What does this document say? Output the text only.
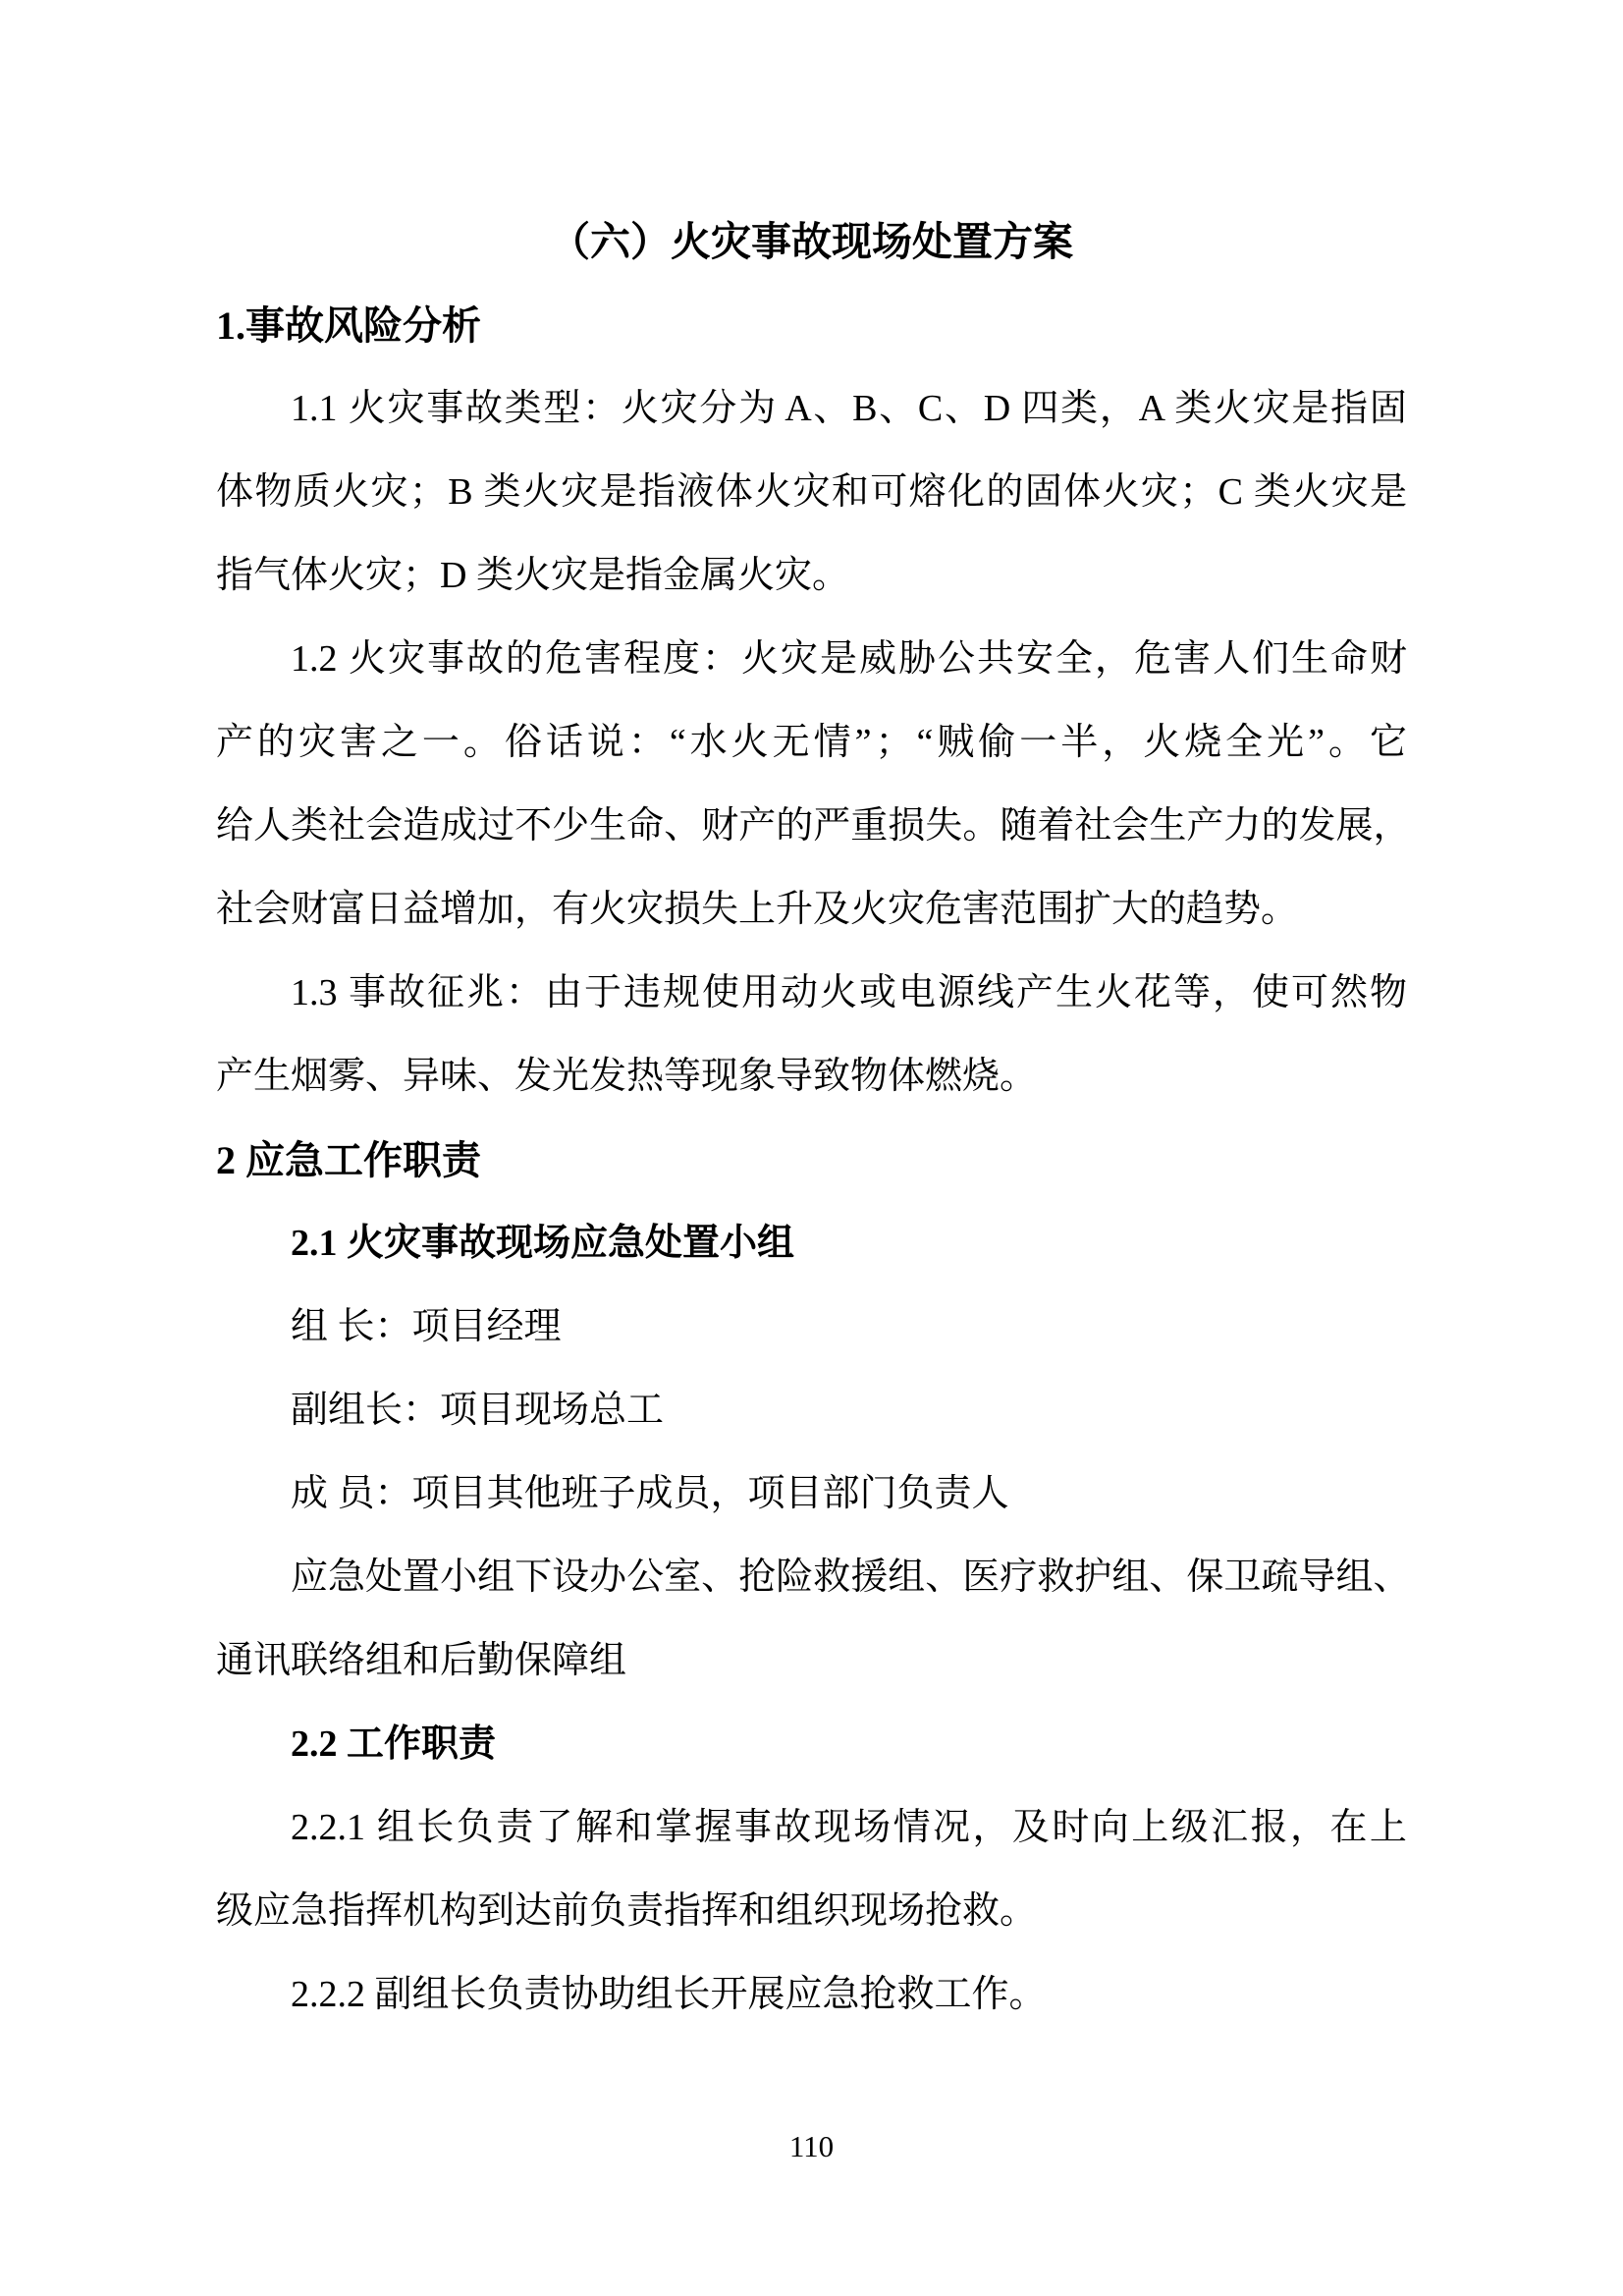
（六）火灾事故现场处置方案
1.事故风险分析
1.1 火 灾 事 故 类 型 ： 火 灾 分 为 A 、 B 、 C 、 D 四 类 ， A 类 火 灾 是 指 固
体 物 质 火 灾 ； B 类 火 灾 是 指 液 体 火 灾 和 可 熔 化 的 固 体 火 灾 ； C 类 火 灾 是
指气体火灾；D 类火灾是指金属火灾。
1.2 火 灾 事 故 的 危 害 程 度 ： 火 灾 是 威 胁 公 共 安 全 ， 危 害 人 们 生 命 财
产 的 灾 害 之 一 。 俗 话 说 ： “ 水 火 无 情 ” ； “ 贼 偷 一 半 ， 火 烧 全 光 ” 。 它
给 人 类 社 会 造 成 过 不 少 生 命 、 财 产 的 严 重 损 失 。 随 着 社 会 生 产 力 的 发 展 ，
社会财富日益增加，有火灾损失上升及火灾危害范围扩大的趋势。
1.3 事 故 征 兆 ： 由 于 违 规 使 用 动 火 或 电 源 线 产 生 火 花 等 ， 使 可 然 物
产生烟雾、异味、发光发热等现象导致物体燃烧。
2 应急工作职责
2.1 火灾事故现场应急处置小组
组 长：项目经理
副组长：项目现场总工
成 员：项目其他班子成员，项目部门负责人
应 急 处 置 小 组 下 设 办 公 室 、 抢 险 救 援 组 、 医 疗 救 护 组 、 保 卫 疏 导 组 、
通讯联络组和后勤保障组
2.2 工作职责
2.2.1 组 长 负 责 了 解 和 掌 握 事 故 现 场 情 况 ， 及 时 向 上 级 汇 报 ， 在 上
级应急指挥机构到达前负责指挥和组织现场抢救。
2.2.2 副组长负责协助组长开展应急抢救工作。
110
